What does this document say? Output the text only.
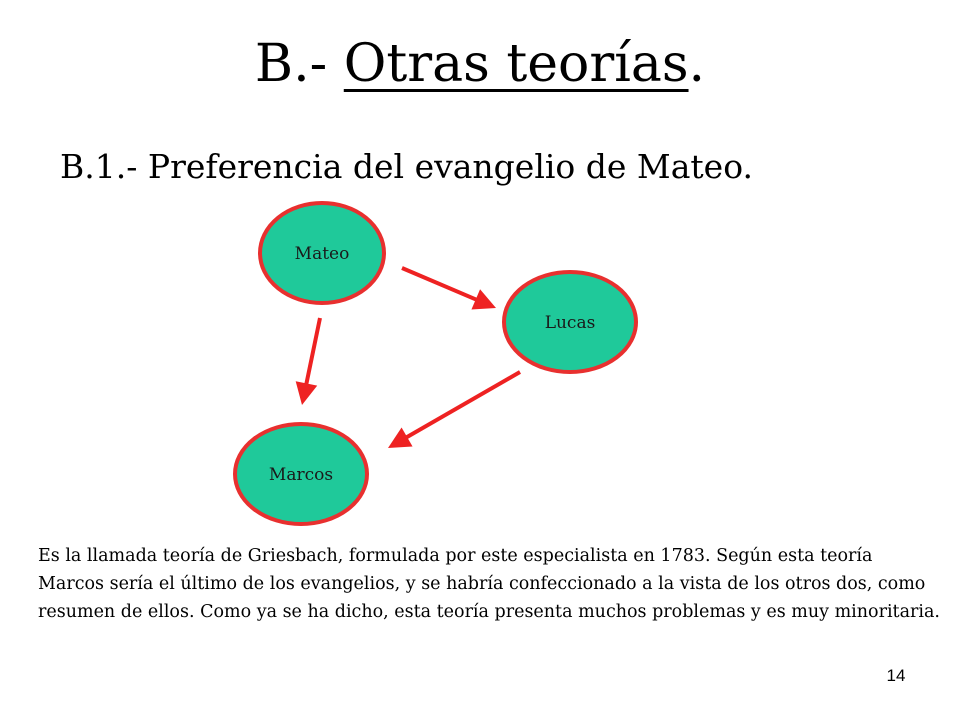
B.- Otras teorías.
B.1.- Preferencia del evangelio de Mateo.
Mateo
Lucas
Marcos

Es la llamada teoría de Griesbach, formulada por este especialista en 1783. Según esta teoría Marcos sería el último de los evangelios, y se habría confeccionado a la vista de los otros dos, como resumen de ellos. Como ya se ha dicho, esta teoría presenta muchos problemas y es muy minoritaria.

14
